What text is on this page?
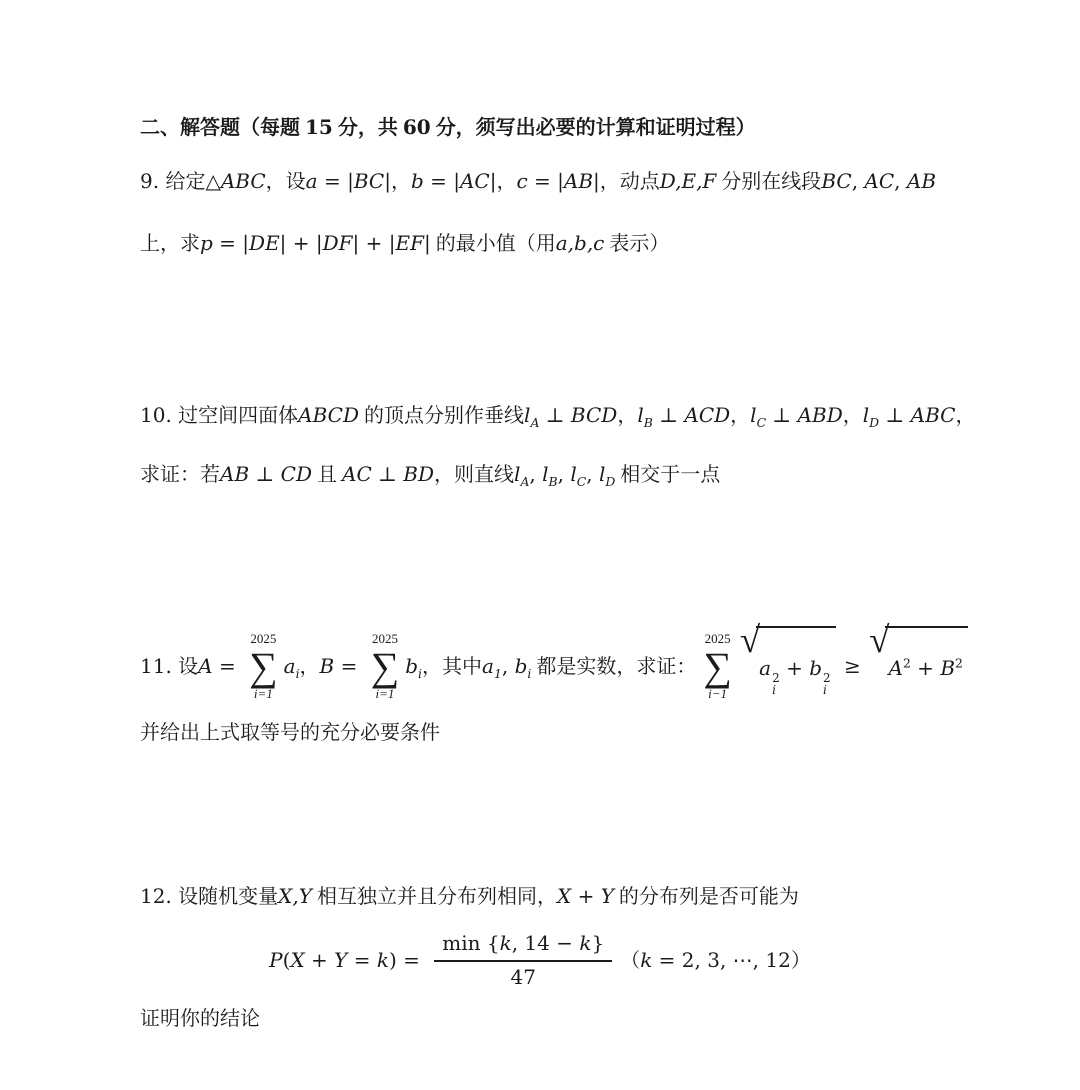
二、解答题（每题 15 分，共 60 分，须写出必要的计算和证明过程）
9. 给定△ABC，设a = |BC|，b = |AC|，c = |AB|，动点D,E,F 分别在线段BC, AC, AB
上，求p = |DE| + |DF| + |EF| 的最小值（用a,b,c 表示）
10. 过空间四面体ABCD 的顶点分别作垂线$l_A$ ⊥ BCD，$l_B$ ⊥ ACD，$l_C$ ⊥ ABD，$l_D$ ⊥ ABC，
求证：若AB ⊥ CD 且 AC ⊥ BD，则直线$l_A$, $l_B$, $l_C$, $l_D$ 相交于一点
11. 设A =
2025
∑
i=1
$a_i$，B =
2025
∑
i=1
$b_i$，其中$a_1$, $b_i$ 都是实数，求证：
2025
∑
i−1
√
a 2
i
+ b 2
i
≥
√
$A^2 + B^2$
并给出上式取等号的充分必要条件
12. 设随机变量X,Y 相互独立并且分布列相同，X + Y 的分布列是否可能为
$P(X + Y = k) = \frac{\min \{k, 14 - k\}}{47} (k = 2$, 3, ⋯, 12）
证明你的结论
